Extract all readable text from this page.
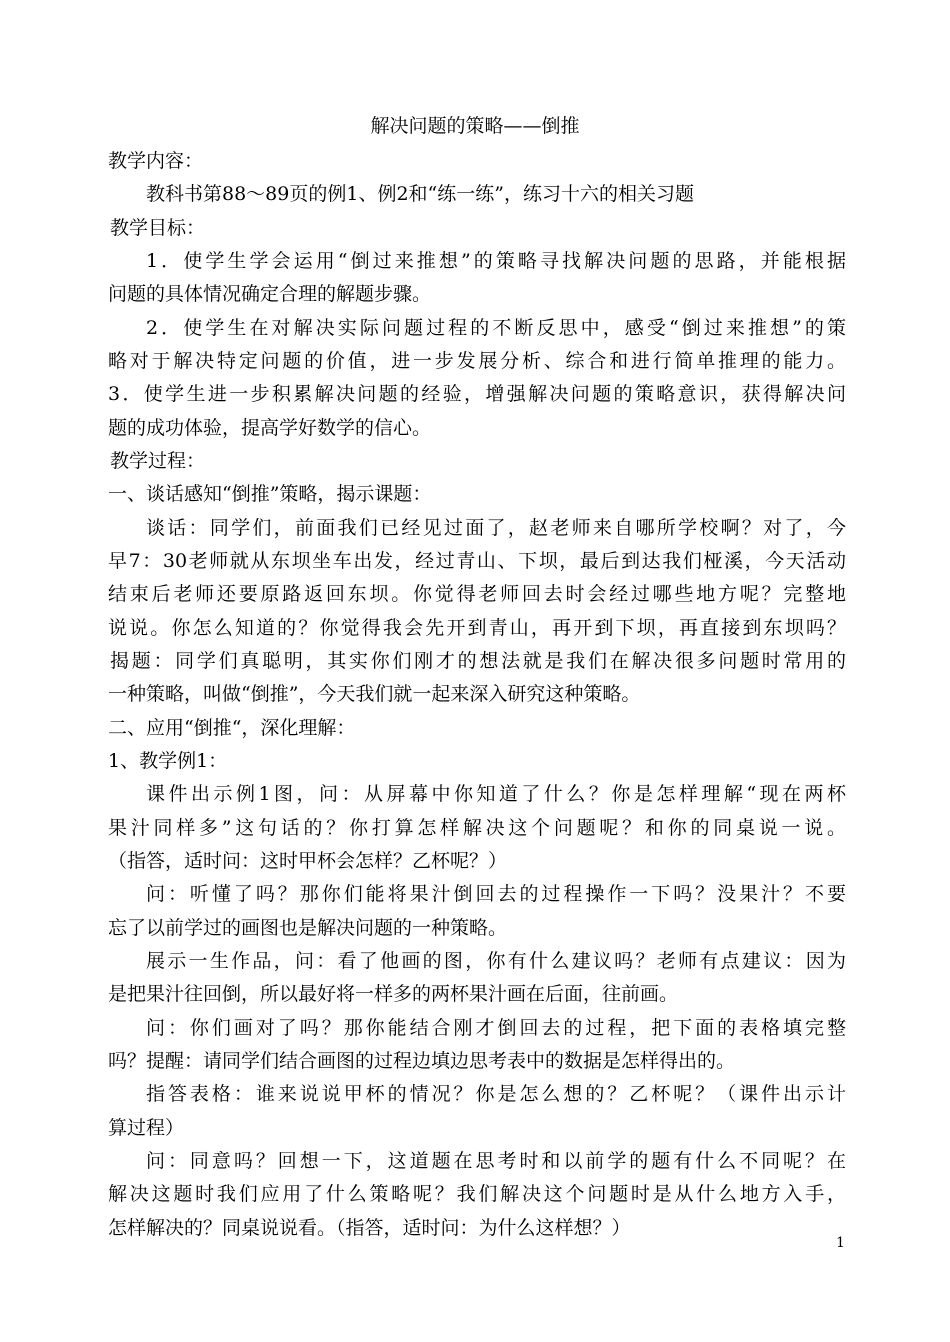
解决问题的策略——倒推
教学内容：
教科书第88～89页的例1、例2和“练一练”，练习十六的相关习题
教学目标：
1．使学生学会运用“倒过来推想”的策略寻找解决问题的思路，并能根据
问题的具体情况确定合理的解题步骤。
2．使学生在对解决实际问题过程的不断反思中，感受“倒过来推想”的策
略对于解决特定问题的价值，进一步发展分析、综合和进行简单推理的能力。
3．使学生进一步积累解决问题的经验，增强解决问题的策略意识，获得解决问
题的成功体验，提高学好数学的信心。
教学过程：
一、谈话感知“倒推”策略，揭示课题：
谈话：同学们，前面我们已经见过面了，赵老师来自哪所学校啊？对了，今
早7：30老师就从东坝坐车出发，经过青山、下坝，最后到达我们桠溪，今天活动
结束后老师还要原路返回东坝。你觉得老师回去时会经过哪些地方呢？完整地
说说。你怎么知道的？你觉得我会先开到青山，再开到下坝，再直接到东坝吗？
揭题：同学们真聪明，其实你们刚才的想法就是我们在解决很多问题时常用的
一种策略，叫做“倒推”，今天我们就一起来深入研究这种策略。
二、应用“倒推“，深化理解：
1、教学例1：
课件出示例1图，问：从屏幕中你知道了什么？你是怎样理解“现在两杯
果汁同样多”这句话的？你打算怎样解决这个问题呢？和你的同桌说一说。
（指答，适时问：这时甲杯会怎样？乙杯呢？）
问：听懂了吗？那你们能将果汁倒回去的过程操作一下吗？没果汁？不要
忘了以前学过的画图也是解决问题的一种策略。
展示一生作品，问：看了他画的图，你有什么建议吗？老师有点建议：因为
是把果汁往回倒，所以最好将一样多的两杯果汁画在后面，往前画。
问：你们画对了吗？那你能结合刚才倒回去的过程，把下面的表格填完整
吗？提醒：请同学们结合画图的过程边填边思考表中的数据是怎样得出的。
指答表格：谁来说说甲杯的情况？你是怎么想的？乙杯呢？（课件出示计
算过程）
问：同意吗？回想一下，这道题在思考时和以前学的题有什么不同呢？在
解决这题时我们应用了什么策略呢？我们解决这个问题时是从什么地方入手，
怎样解决的？同桌说说看。（指答，适时问：为什么这样想？）
1
